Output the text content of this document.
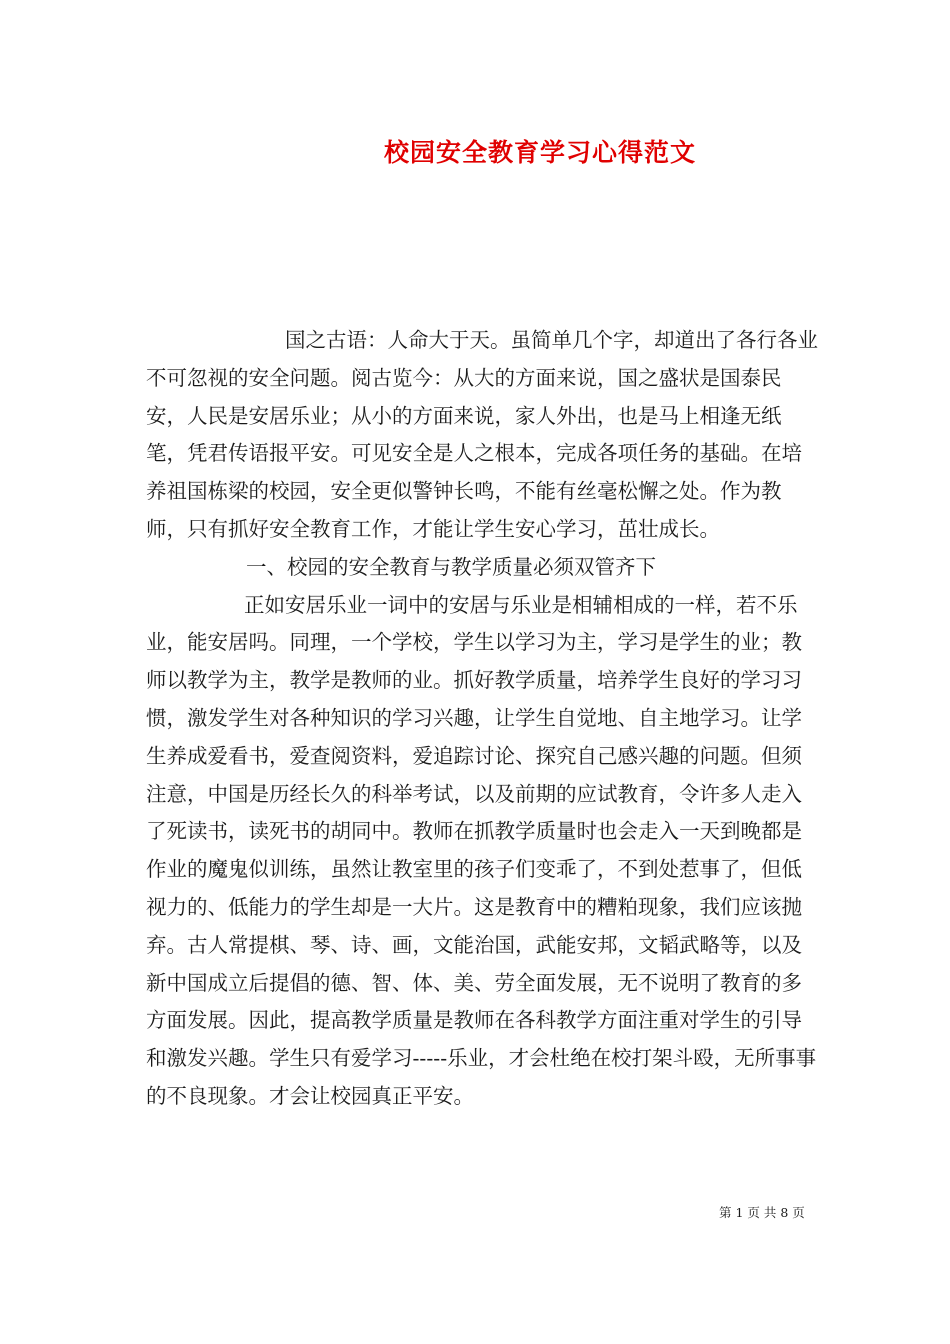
校园安全教育学习心得范文

国之古语：人命大于天。虽简单几个字，却道出了各行各业不可忽视的安全问题。阅古览今：从大的方面来说，国之盛状是国泰民安，人民是安居乐业；从小的方面来说，家人外出，也是马上相逢无纸笔，凭君传语报平安。可见安全是人之根本，完成各项任务的基础。在培养祖国栋梁的校园，安全更似警钟长鸣，不能有丝毫松懈之处。作为教师，只有抓好安全教育工作，才能让学生安心学习，茁壮成长。

一、校园的安全教育与教学质量必须双管齐下

正如安居乐业一词中的安居与乐业是相辅相成的一样，若不乐业，能安居吗。同理，一个学校，学生以学习为主，学习是学生的业；教师以教学为主，教学是教师的业。抓好教学质量，培养学生良好的学习习惯，激发学生对各种知识的学习兴趣，让学生自觉地、自主地学习。让学生养成爱看书，爱查阅资料，爱追踪讨论、探究自己感兴趣的问题。但须注意，中国是历经长久的科举考试，以及前期的应试教育，令许多人走入了死读书，读死书的胡同中。教师在抓教学质量时也会走入一天到晚都是作业的魔鬼似训练，虽然让教室里的孩子们变乖了，不到处惹事了，但低视力的、低能力的学生却是一大片。这是教育中的糟粕现象，我们应该抛弃。古人常提棋、琴、诗、画，文能治国，武能安邦，文韬武略等，以及新中国成立后提倡的德、智、体、美、劳全面发展，无不说明了教育的多方面发展。因此，提高教学质量是教师在各科教学方面注重对学生的引导和激发兴趣。学生只有爱学习-----乐业，才会杜绝在校打架斗殴，无所事事的不良现象。才会让校园真正平安。

第 1 页 共 8 页
